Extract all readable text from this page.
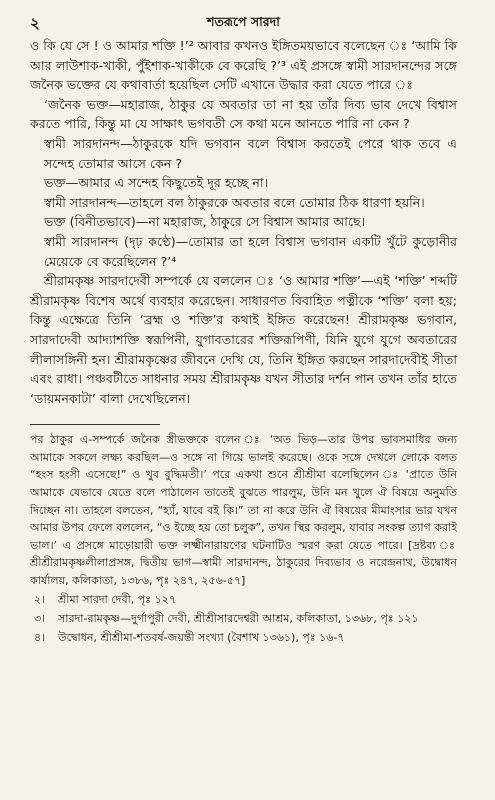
২	শতরূপে সারদা

ও কি যে সে ! ও আমার শক্তি !’² আবার কখনও ইঙ্গিতময়ভাবে বলেছেন ঃ ‘আমি কি আর লাউশাক-খাকী, পুঁইশাক-খাকীকে বে করেছি ?’³ এই প্রসঙ্গে স্বামী সারদানন্দের সঙ্গে জনৈক ভক্তের যে কথাবার্তা হয়েছিল সেটি এখানে উদ্ধার করা যেতে পারে ঃ

‘জনৈক ভক্ত—মহারাজ, ঠাকুর যে অবতার তা না হয় তাঁর দিব্য ভাব দেখে বিশ্বাস করতে পারি, কিন্তু মা যে সাক্ষাৎ ভগবতী সে কথা মনে আনতে পারি না কেন ?

স্বামী সারদানন্দ—ঠাকুরকে যদি ভগবান বলে বিশ্বাস করতেই পেরে থাক তবে এ সন্দেহ তোমার আসে কেন ?

ভক্ত—আমার এ সন্দেহ কিছুতেই দূর হচ্ছে না।

স্বামী সারদানন্দ—তাহলে বল ঠাকুরকে অবতার বলে তোমার ঠিক ধারণা হয়নি।

ভক্ত (বিনীতভাবে)—না মহারাজ, ঠাকুরে সে বিশ্বাস আমার আছে।

স্বামী সারদানন্দ (দৃঢ় কণ্ঠে)—তোমার তা হলে বিশ্বাস ভগবান একটি খুঁটে কুড়োনীর মেয়েকে বে করেছিলেন ?’⁴

শ্রীরামকৃষ্ণ সারদাদেবী সম্পর্কে যে বললেন ঃ ‘ও আমার শক্তি’—এই ‘শক্তি’ শব্দটি শ্রীরামকৃষ্ণ বিশেষ অর্থে ব্যবহার করেছেন। সাধারণত বিবাহিত পত্নীকে ‘শক্তি’ বলা হয়; কিন্তু এক্ষেত্রে তিনি ‘ব্রহ্ম ও শক্তি’র কথাই ইঙ্গিত করেছেন! শ্রীরামকৃষ্ণ ভগবান, সারদাদেবী আদ্যাশক্তি স্বরূপিনী, যুগাবতারের শক্তিরূপিণী, যিনি যুগে যুগে অবতারের লীলাসঙ্গিনী হন। শ্রীরামকৃষ্ণের জীবনে দেখি যে, তিনি ইঙ্গিত করছেন সারদাদেবীই সীতা এবং রাধা। পঞ্চবটীতে সাধনার সময় শ্রীরামকৃষ্ণ যখন সীতার দর্শন পান তখন তাঁর হাতে ‘ডায়মনকাটা’ বালা দেখেছিলেন।

পর ঠাকুর এ-সম্পর্কে জনৈক স্ত্রীভক্তকে বলেন ঃ ‘অত ভিড়—তার উপর ভাবসমাধির জন্য আমাকে সকলে লক্ষ্য করছিল—ও সঙ্গে না গিয়ে ভালই করেছে। ওকে সঙ্গে দেখলে লোকে বলত “হংস হংসী এসেছে!” ও খুব বুদ্ধিমতী।’ পরে একথা শুনে শ্রীশ্রীমা বলেছিলেন ঃ ‘প্রাতে উনি আমাকে যেভাবে যেতে বলে পাঠালেন তাতেই বুঝতে পারলুম, উনি মন খুলে ঐ বিষয়ে অনুমতি দিচ্ছেন না। তাহলে বলতেন, “হ্যাঁ, যাবে বই কি।” তা না করে উনি ঐ বিষয়ের মীমাংসার ভার যখন আমার উপর ফেলে বললেন, “ও ইচ্ছে হয় তো চলুক”, তখন স্থির করলুম, যাবার সংকল্প ত্যাগ করাই ভাল।’ এ প্রসঙ্গে মাড়োয়ারী ভক্ত লক্ষ্মীনারায়ণের ঘটনাটিও স্মরণ করা যেতে পারে। [দ্রষ্টব্য ঃ শ্রীশ্রীরামকৃষ্ণলীলাপ্রসঙ্গ, দ্বিতীয় ভাগ—স্বামী সারদানন্দ, ঠাকুরের দিব্যভাব ও নরেন্দ্রনাথ, উদ্বোধন কার্যালয়, কলিকাতা, ১৩৮৬, পৃঃ ২৪৭, ২৫৬-৫৭]

২।	শ্রীমা সারদা দেবী, পৃঃ ১২৭
৩।	সারদা-রামকৃষ্ণ—দুর্গাপুরী দেবী, শ্রীশ্রীসারদেশ্বরী আশ্রম, কলিকাতা, ১৩৬৮, পৃঃ ১২১
৪।	উদ্বোধন, শ্রীশ্রীমা-শতবর্ষ-জয়ন্তী সংখ্যা (বৈশাখ ১৩৬১), পৃঃ ১৬-৭
